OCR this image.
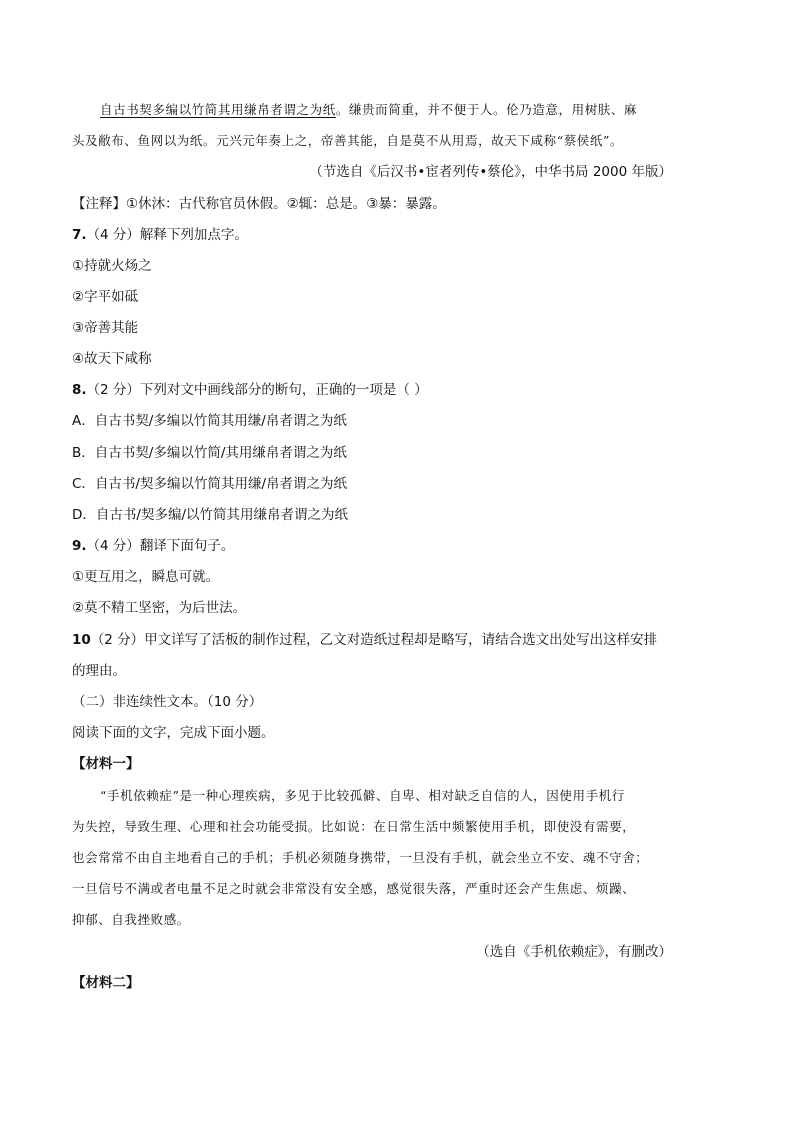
自古书契多编以竹简其用缣帛者谓之为纸。缣贵而简重，并不便于人。伦乃造意，用树肤、麻
头及敝布、鱼网以为纸。元兴元年奏上之，帝善其能，自是莫不从用焉，故天下咸称“蔡侯纸”。
（节选自《后汉书•宦者列传•蔡伦》，中华书局 2000 年版）
【注释】①休沐：古代称官员休假。②辄：总是。③暴：暴露。
7.（4 分）解释下列加点字。
①持就火炀之
②字平如砥
③帝善其能
④故天下咸称
8.（2 分）下列对文中画线部分的断句，正确的一项是（ ）
A．自古书契/多编以竹简其用缣/帛者谓之为纸
B．自古书契/多编以竹简/其用缣帛者谓之为纸
C．自古书/契多编以竹简其用缣/帛者谓之为纸
D．自古书/契多编/以竹简其用缣帛者谓之为纸
9.（4 分）翻译下面句子。
①更互用之，瞬息可就。
②莫不精工坚密，为后世法。
10（2 分）甲文详写了活板的制作过程，乙文对造纸过程却是略写，请结合选文出处写出这样安排
的理由。
（二）非连续性文本。（10 分）
阅读下面的文字，完成下面小题。
【材料一】
“手机依赖症”是一种心理疾病，多见于比较孤僻、自卑、相对缺乏自信的人，因使用手机行
为失控，导致生理、心理和社会功能受损。比如说：在日常生活中频繁使用手机，即使没有需要，
也会常常不由自主地看自己的手机；手机必须随身携带，一旦没有手机，就会坐立不安、魂不守舍；
一旦信号不满或者电量不足之时就会非常没有安全感，感觉很失落，严重时还会产生焦虑、烦躁、
抑郁、自我挫败感。
（选自《手机依赖症》，有删改）
【材料二】
